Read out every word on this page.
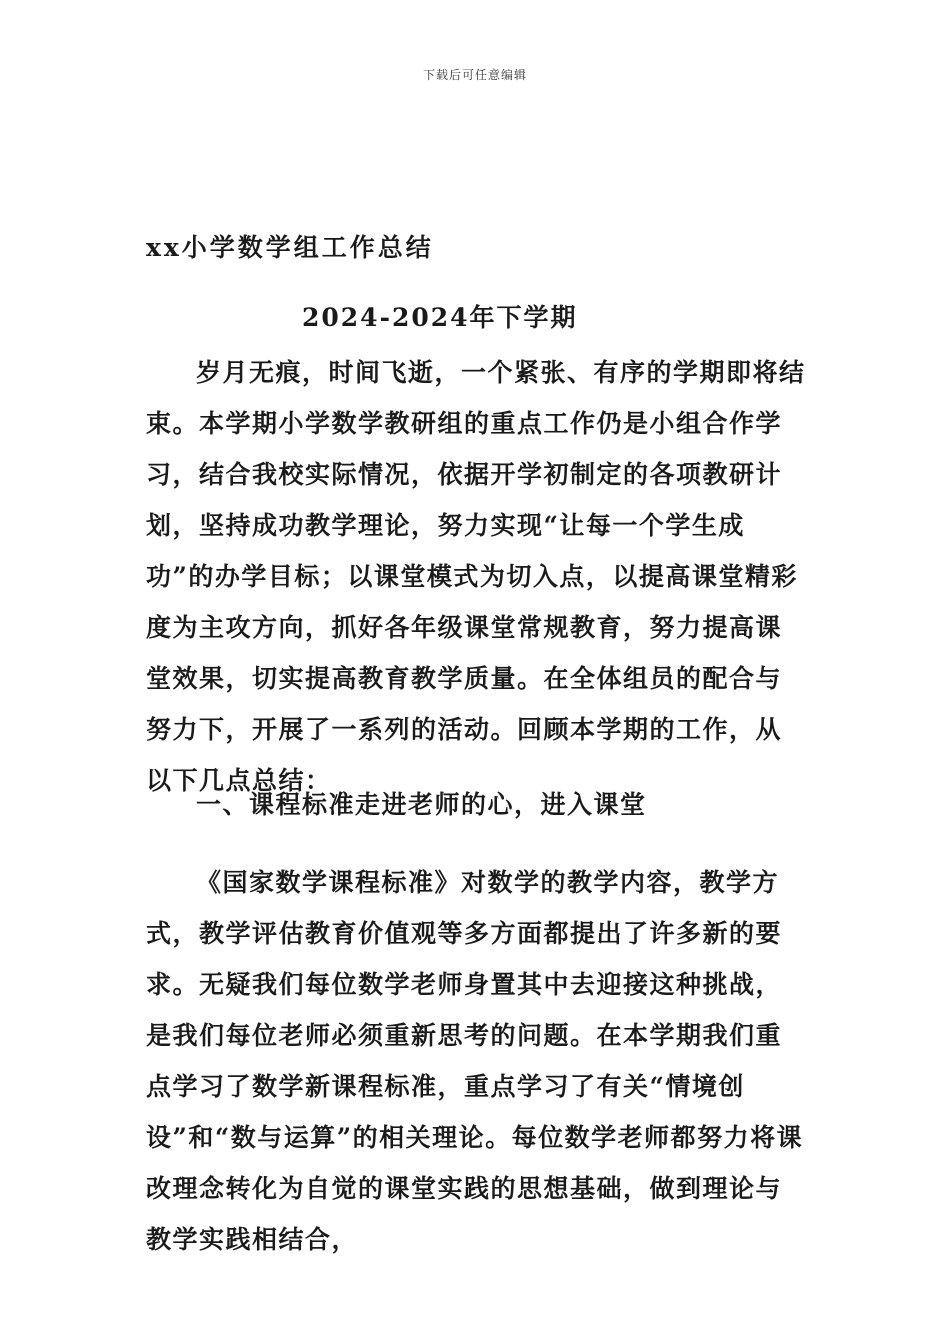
下载后可任意编辑
xx小学数学组工作总结
2024-2024年下学期

岁月无痕，时间飞逝，一个紧张、有序的学期即将结束。本学期小学数学教研组的重点工作仍是小组合作学习，结合我校实际情况，依据开学初制定的各项教研计划，坚持成功教学理论，努力实现“让每一个学生成功”的办学目标；以课堂模式为切入点，以提高课堂精彩度为主攻方向，抓好各年级课堂常规教育，努力提高课堂效果，切实提高教育教学质量。在全体组员的配合与努力下，开展了一系列的活动。回顾本学期的工作，从以下几点总结：

一、课程标准走进老师的心，进入课堂

《国家数学课程标准》对数学的教学内容，教学方式，教学评估教育价值观等多方面都提出了许多新的要求。无疑我们每位数学老师身置其中去迎接这种挑战，是我们每位老师必须重新思考的问题。在本学期我们重点学习了数学新课程标准，重点学习了有关“情境创设”和“数与运算”的相关理论。每位数学老师都努力将课改理念转化为自觉的课堂实践的思想基础，做到理论与教学实践相结合，
